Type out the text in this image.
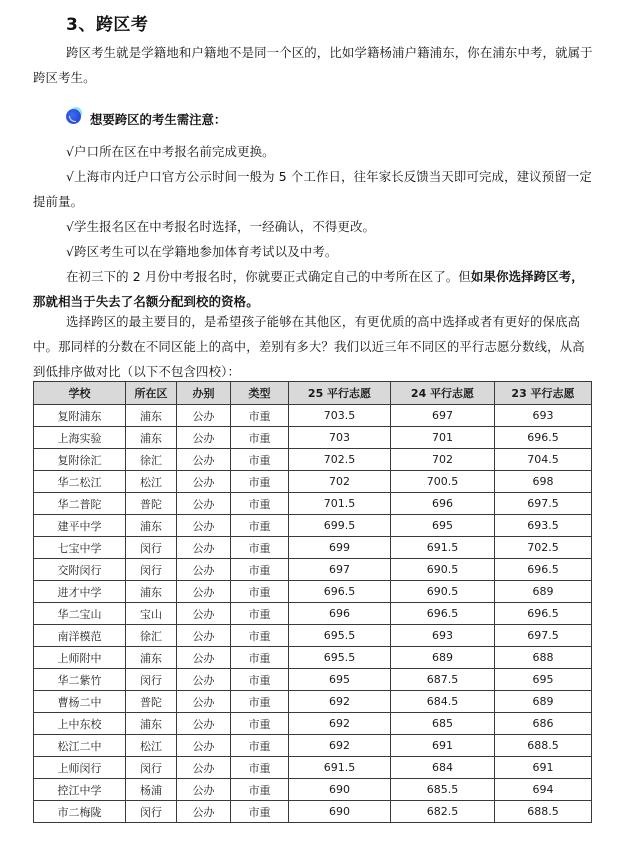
3、跨区考
跨区考生就是学籍地和户籍地不是同一个区的，比如学籍杨浦户籍浦东，你在浦东中考，就属于跨区考生。
想要跨区的考生需注意：
√户口所在区在中考报名前完成更换。
√上海市内迁户口官方公示时间一般为 5 个工作日，往年家长反馈当天即可完成，建议预留一定提前量。
√学生报名区在中考报名时选择，一经确认，不得更改。
√跨区考生可以在学籍地参加体育考试以及中考。
在初三下的 2 月份中考报名时，你就要正式确定自己的中考所在区了。但如果你选择跨区考，那就相当于失去了名额分配到校的资格。
选择跨区的最主要目的，是希望孩子能够在其他区，有更优质的高中选择或者有更好的保底高中。那同样的分数在不同区能上的高中，差别有多大？我们以近三年不同区的平行志愿分数线，从高到低排序做对比（以下不包含四校）：
学校	所在区	办别	类型	25 平行志愿	24 平行志愿	23 平行志愿
复附浦东	浦东	公办	市重	703.5	697	693
上海实验	浦东	公办	市重	703	701	696.5
复附徐汇	徐汇	公办	市重	702.5	702	704.5
华二松江	松江	公办	市重	702	700.5	698
华二普陀	普陀	公办	市重	701.5	696	697.5
建平中学	浦东	公办	市重	699.5	695	693.5
七宝中学	闵行	公办	市重	699	691.5	702.5
交附闵行	闵行	公办	市重	697	690.5	696.5
进才中学	浦东	公办	市重	696.5	690.5	689
华二宝山	宝山	公办	市重	696	696.5	696.5
南洋模范	徐汇	公办	市重	695.5	693	697.5
上师附中	浦东	公办	市重	695.5	689	688
华二紫竹	闵行	公办	市重	695	687.5	695
曹杨二中	普陀	公办	市重	692	684.5	689
上中东校	浦东	公办	市重	692	685	686
松江二中	松江	公办	市重	692	691	688.5
上师闵行	闵行	公办	市重	691.5	684	691
控江中学	杨浦	公办	市重	690	685.5	694
市二梅陇	闵行	公办	市重	690	682.5	688.5
